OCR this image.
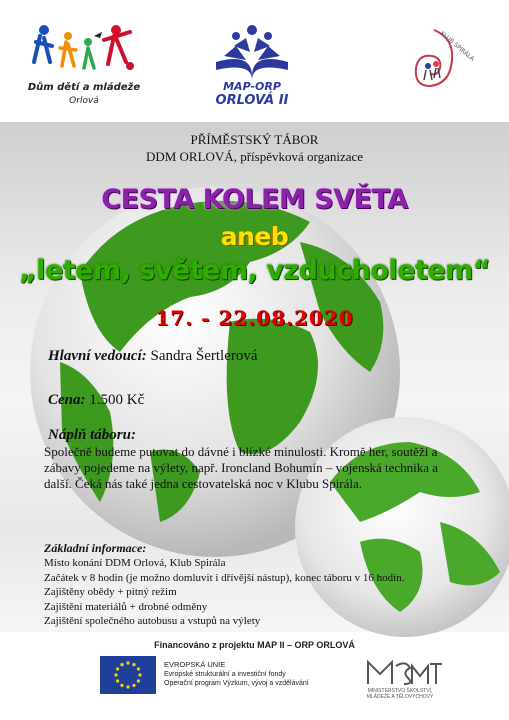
Dům dětí a mládeže
Orlová
MAP-ORP
ORLOVÁ II
KLUB SPIRÁLA
PŘÍMĚSTSKÝ TÁBOR
DDM ORLOVÁ, příspěvková organizace
CESTA KOLEM SVĚTA
aneb
„letem, světem, vzducholetem“
17. - 22.08.2020
Hlavní vedoucí: Sandra Šertlerová
Cena: 1.500 Kč
Náplň táboru:
Společně budeme putovat do dávné i blízké minulosti. Kromě her, soutěží a zábavy pojedeme na výlety, např. Ironcland Bohumín – vojenská technika a další. Čeká nás také jedna cestovatelská noc v Klubu Spirála.
Základní informace:
Místo konání DDM Orlová, Klub Spirála
Začátek v 8 hodin (je možno domluvit i dřívější nástup), konec táboru v 16 hodin.
Zajištěny obědy + pitný režim
Zajištění materiálů + drobné odměny
Zajištění společného autobusu a vstupů na výlety
Financováno z projektu MAP II – ORP ORLOVÁ
EVROPSKÁ UNIE
Evropské strukturální a investiční fondy
Operační program Výzkum, vývoj a vzdělávání
MINISTERSTVO ŠKOLSTVÍ,
MLÁDEŽE A TĚLOVÝCHOVY
